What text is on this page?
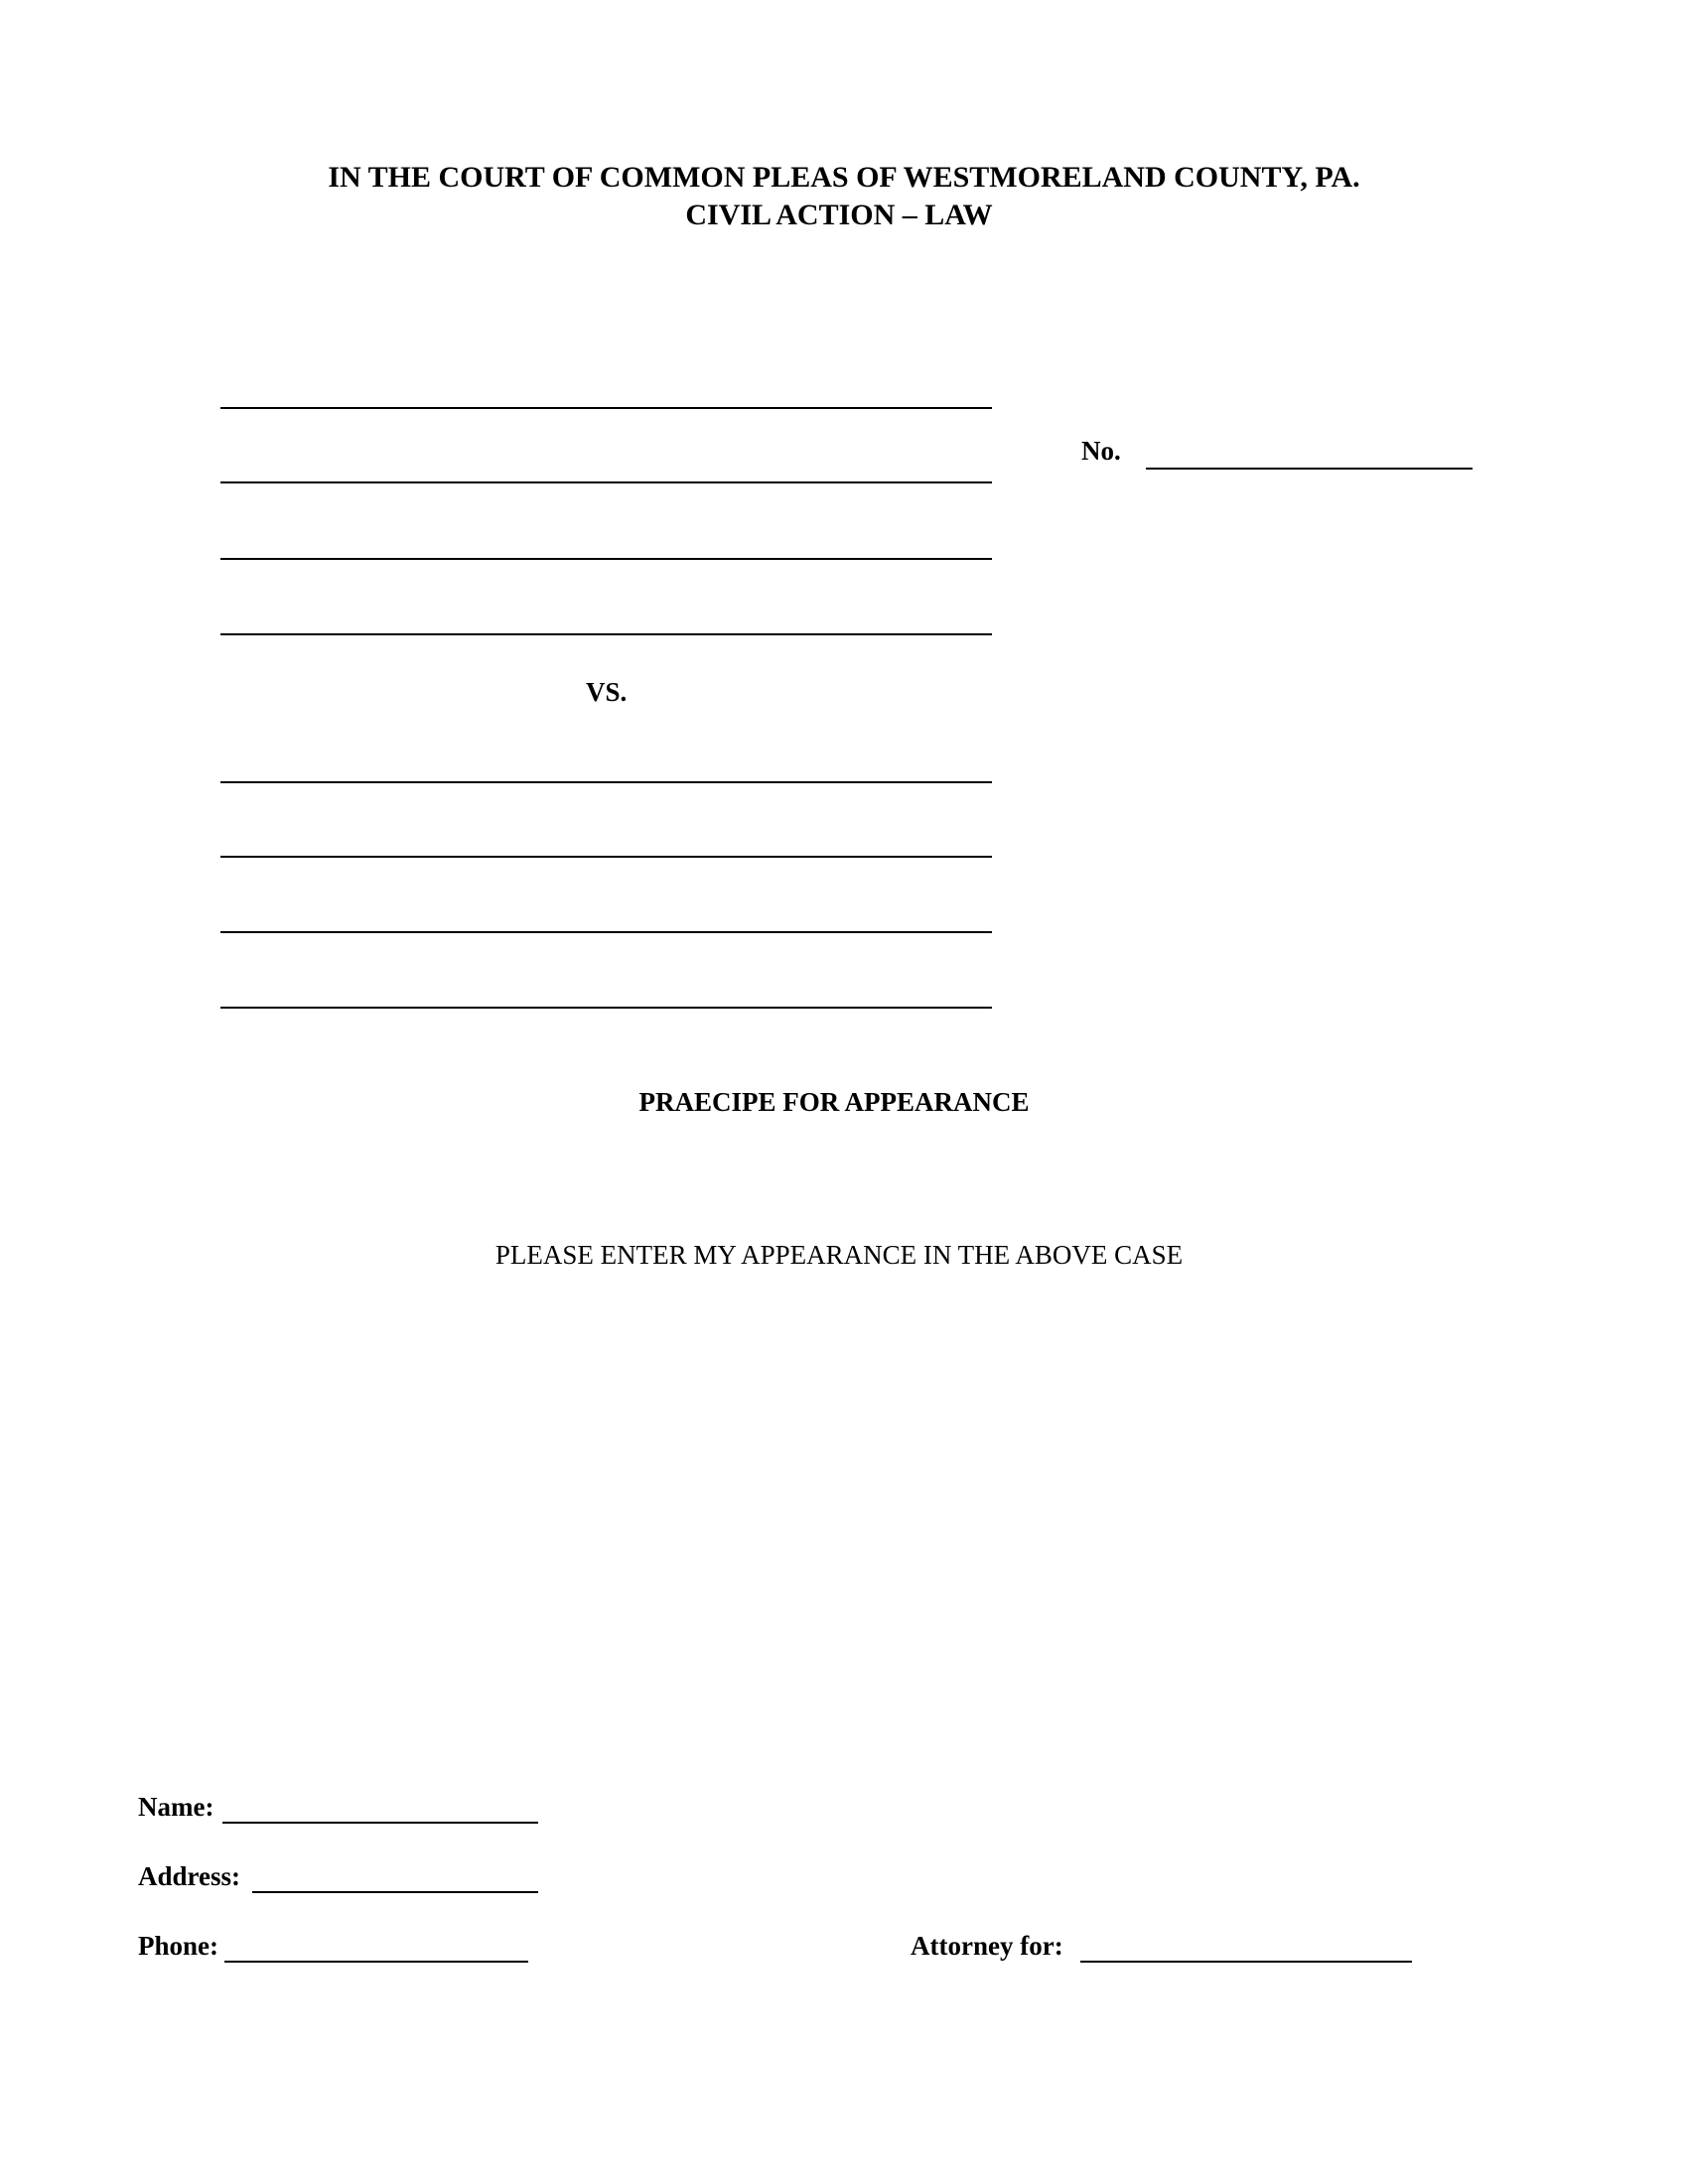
IN THE COURT OF COMMON PLEAS OF WESTMORELAND COUNTY, PA.
CIVIL ACTION – LAW
VS.
No.
PRAECIPE FOR APPEARANCE
PLEASE ENTER MY APPEARANCE IN THE ABOVE CASE
Name:
Address:
Phone:	Attorney for:
